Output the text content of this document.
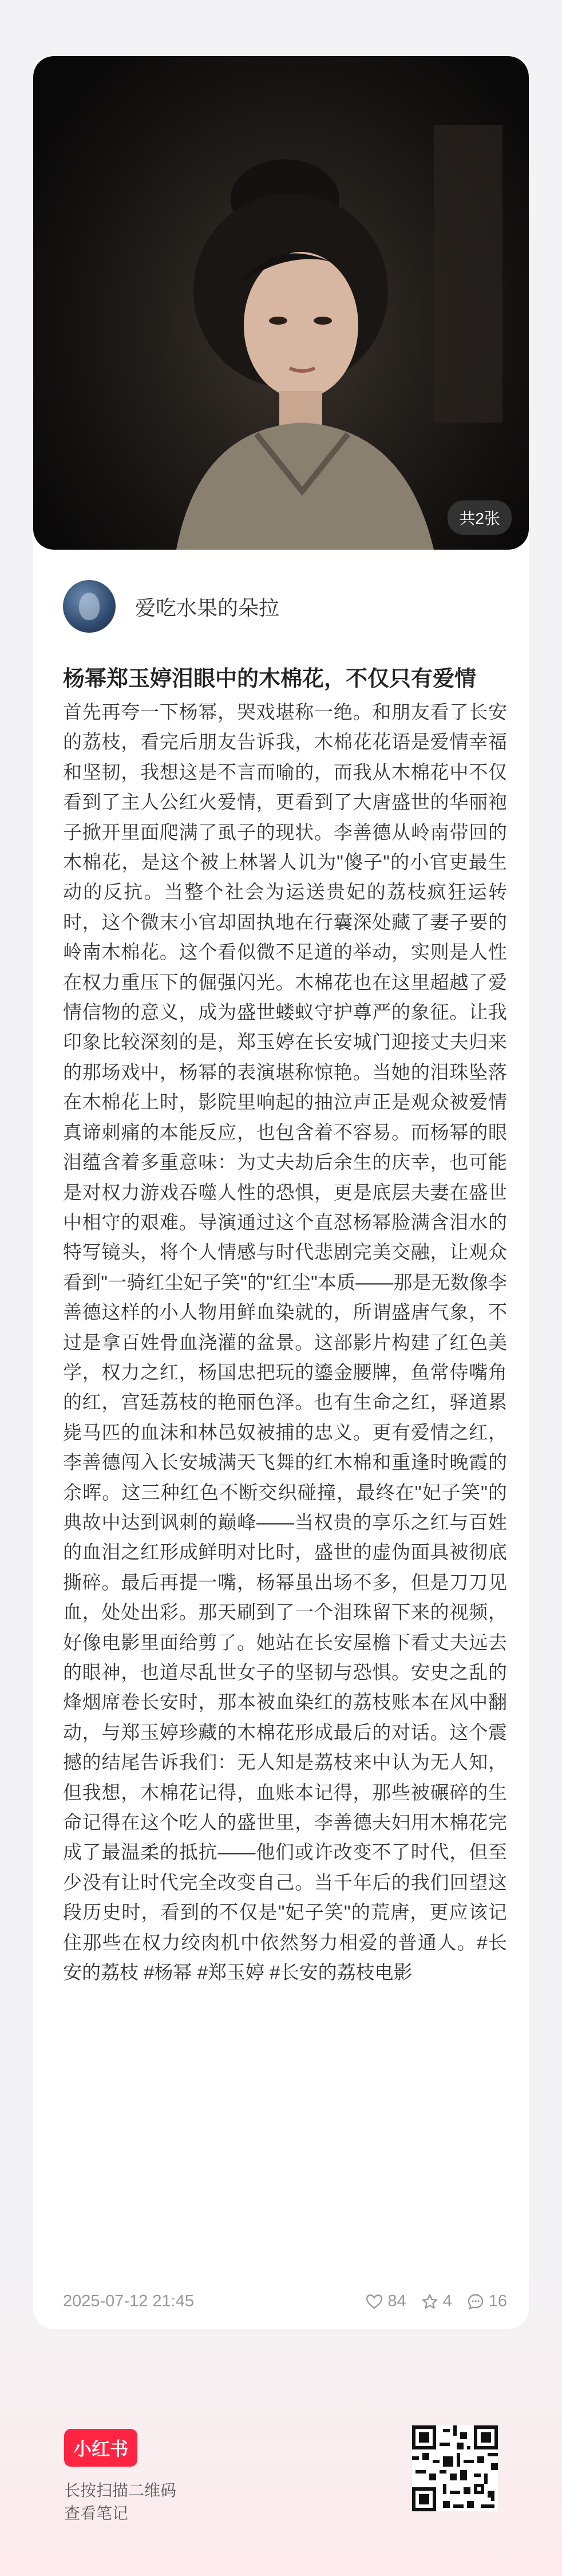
共2张
爱吃水果的朵拉
杨幂郑玉婷泪眼中的木棉花，不仅只有爱情
首先再夸一下杨幂，哭戏堪称一绝。和朋友看了长安的荔枝，看完后朋友告诉我，木棉花花语是爱情幸福和坚韧，我想这是不言而喻的，而我从木棉花中不仅看到了主人公红火爱情，更看到了大唐盛世的华丽袍子掀开里面爬满了虱子的现状。李善德从岭南带回的木棉花，是这个被上林署人讥为"傻子"的小官吏最生动的反抗。当整个社会为运送贵妃的荔枝疯狂运转时，这个微末小官却固执地在行囊深处藏了妻子要的岭南木棉花。这个看似微不足道的举动，实则是人性在权力重压下的倔强闪光。木棉花也在这里超越了爱情信物的意义，成为盛世蝼蚁守护尊严的象征。让我印象比较深刻的是，郑玉婷在长安城门迎接丈夫归来的那场戏中，杨幂的表演堪称惊艳。当她的泪珠坠落在木棉花上时，影院里响起的抽泣声正是观众被爱情真谛刺痛的本能反应，也包含着不容易。而杨幂的眼泪蕴含着多重意味：为丈夫劫后余生的庆幸，也可能是对权力游戏吞噬人性的恐惧，更是底层夫妻在盛世中相守的艰难。导演通过这个直怼杨幂脸满含泪水的特写镜头，将个人情感与时代悲剧完美交融，让观众看到"一骑红尘妃子笑"的"红尘"本质——那是无数像李善德这样的小人物用鲜血染就的，所谓盛唐气象，不过是拿百姓骨血浇灌的盆景。这部影片构建了红色美学，权力之红，杨国忠把玩的鎏金腰牌，鱼常侍嘴角的红，宫廷荔枝的艳丽色泽。也有生命之红，驿道累毙马匹的血沫和林邑奴被捕的忠义。更有爱情之红，李善德闯入长安城满天飞舞的红木棉和重逢时晚霞的余晖。这三种红色不断交织碰撞，最终在"妃子笑"的典故中达到讽刺的巅峰——当权贵的享乐之红与百姓的血泪之红形成鲜明对比时，盛世的虚伪面具被彻底撕碎。最后再提一嘴，杨幂虽出场不多，但是刀刀见血，处处出彩。那天刷到了一个泪珠留下来的视频，好像电影里面给剪了。她站在长安屋檐下看丈夫远去的眼神，也道尽乱世女子的坚韧与恐惧。安史之乱的烽烟席卷长安时，那本被血染红的荔枝账本在风中翻动，与郑玉婷珍藏的木棉花形成最后的对话。这个震撼的结尾告诉我们：无人知是荔枝来中认为无人知，但我想，木棉花记得，血账本记得，那些被碾碎的生命记得在这个吃人的盛世里，李善德夫妇用木棉花完成了最温柔的抵抗——他们或许改变不了时代，但至少没有让时代完全改变自己。当千年后的我们回望这段历史时，看到的不仅是"妃子笑"的荒唐，更应该记住那些在权力绞肉机中依然努力相爱的普通人。#长安的荔枝 #杨幂 #郑玉婷 #长安的荔枝电影
2025-07-12 21:45	84 4 16
小红书
长按扫描二维码
查看笔记
